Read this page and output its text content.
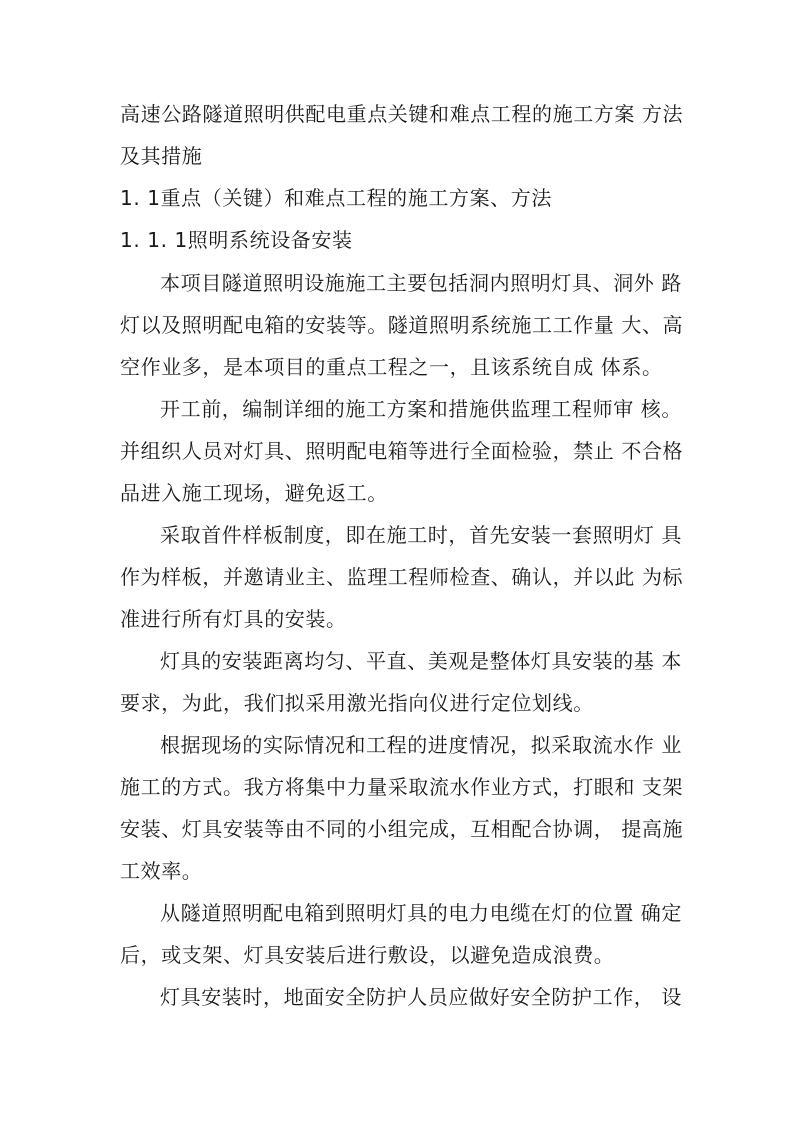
高速公路隧道照明供配电重点关键和难点工程的施工方案 方法
及其措施
1. 1重点（关键）和难点工程的施工方案、方法
1. 1. 1照明系统设备安装
本项目隧道照明设施施工主要包括洞内照明灯具、洞外 路
灯以及照明配电箱的安装等。隧道照明系统施工工作量 大、高
空作业多，是本项目的重点工程之一，且该系统自成 体系。
开工前，编制详细的施工方案和措施供监理工程师审 核。
并组织人员对灯具、照明配电箱等进行全面检验，禁止 不合格
品进入施工现场，避免返工。
采取首件样板制度，即在施工时，首先安装一套照明灯 具
作为样板，并邀请业主、监理工程师检查、确认，并以此 为标
准进行所有灯具的安装。
灯具的安装距离均匀、平直、美观是整体灯具安装的基 本
要求，为此，我们拟采用激光指向仪进行定位划线。
根据现场的实际情况和工程的进度情况，拟采取流水作 业
施工的方式。我方将集中力量采取流水作业方式，打眼和 支架
安装、灯具安装等由不同的小组完成，互相配合协调， 提高施
工效率。
从隧道照明配电箱到照明灯具的电力电缆在灯的位置 确定
后，或支架、灯具安装后进行敷设，以避免造成浪费。
灯具安装时，地面安全防护人员应做好安全防护工作， 设
